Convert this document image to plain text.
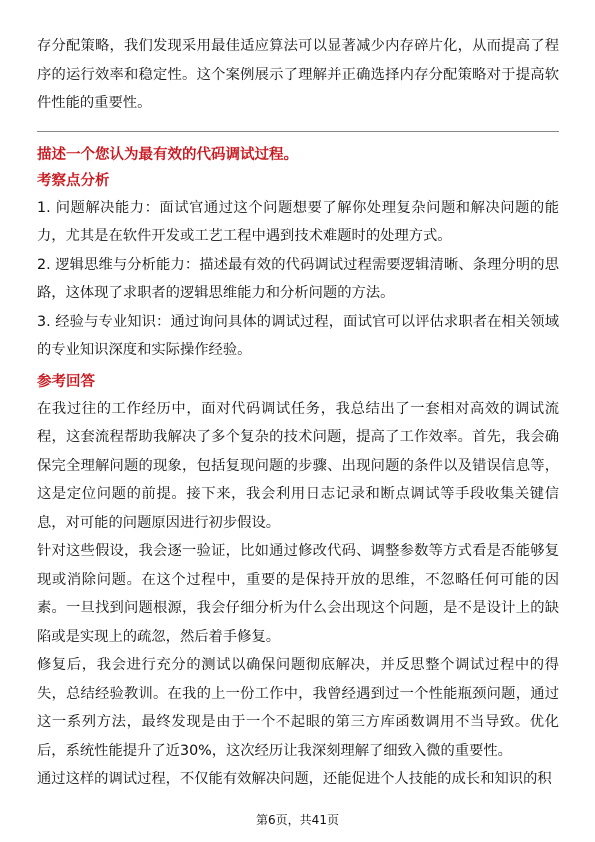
存分配策略，我们发现采用最佳适应算法可以显著减少内存碎片化，从而提高了程序的运行效率和稳定性。这个案例展示了理解并正确选择内存分配策略对于提高软件性能的重要性。

描述一个您认为最有效的代码调试过程。

考察点分析

1. 问题解决能力：面试官通过这个问题想要了解你处理复杂问题和解决问题的能力，尤其是在软件开发或工艺工程中遇到技术难题时的处理方式。

2. 逻辑思维与分析能力：描述最有效的代码调试过程需要逻辑清晰、条理分明的思路，这体现了求职者的逻辑思维能力和分析问题的方法。

3. 经验与专业知识：通过询问具体的调试过程，面试官可以评估求职者在相关领域的专业知识深度和实际操作经验。

参考回答

在我过往的工作经历中，面对代码调试任务，我总结出了一套相对高效的调试流程，这套流程帮助我解决了多个复杂的技术问题，提高了工作效率。首先，我会确保完全理解问题的现象，包括复现问题的步骤、出现问题的条件以及错误信息等，这是定位问题的前提。接下来，我会利用日志记录和断点调试等手段收集关键信息，对可能的问题原因进行初步假设。

针对这些假设，我会逐一验证，比如通过修改代码、调整参数等方式看是否能够复现或消除问题。在这个过程中，重要的是保持开放的思维，不忽略任何可能的因素。一旦找到问题根源，我会仔细分析为什么会出现这个问题，是不是设计上的缺陷或是实现上的疏忽，然后着手修复。

修复后，我会进行充分的测试以确保问题彻底解决，并反思整个调试过程中的得失，总结经验教训。在我的上一份工作中，我曾经遇到过一个性能瓶颈问题，通过这一系列方法，最终发现是由于一个不起眼的第三方库函数调用不当导致。优化后，系统性能提升了近30%，这次经历让我深刻理解了细致入微的重要性。

通过这样的调试过程，不仅能有效解决问题，还能促进个人技能的成长和知识的积

第6页，共41页
